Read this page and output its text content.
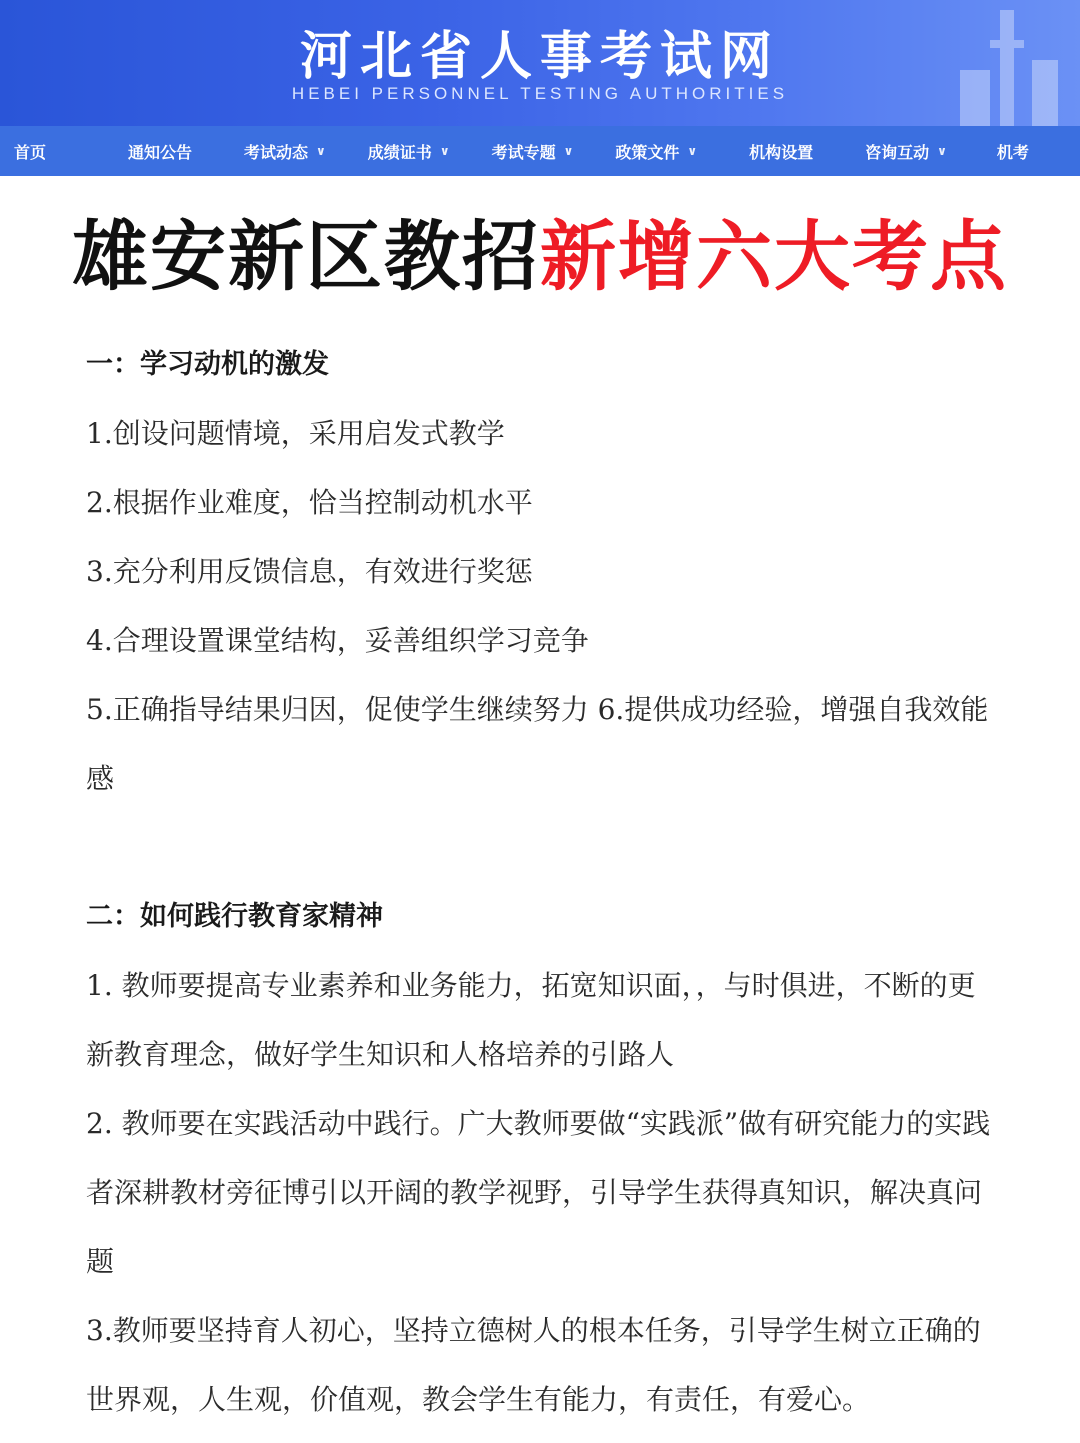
河北省人事考试网
HEBEI PERSONNEL TESTING AUTHORITIES
首页	通知公告	考试动态 ∨	成绩证书 ∨	考试专题 ∨	政策文件 ∨	机构设置	咨询互动 ∨	机考
雄安新区教招 新增六大考点
一：学习动机的激发
1.创设问题情境，采用启发式教学
2.根据作业难度，恰当控制动机水平
3.充分利用反馈信息，有效进行奖惩
4.合理设置课堂结构，妥善组织学习竞争
5.正确指导结果归因，促使学生继续努力 6.提供成功经验，增强自我效能感
二：如何践行教育家精神
1. 教师要提高专业素养和业务能力，拓宽知识面，，与时俱进，不断的更新教育理念，做好学生知识和人格培养的引路人
2. 教师要在实践活动中践行。广大教师要做“实践派”做有研究能力的实践者深耕教材旁征博引以开阔的教学视野，引导学生获得真知识，解决真问题
3.教师要坚持育人初心，坚持立德树人的根本任务，引导学生树立正确的世界观，人生观，价值观，教会学生有能力，有责任，有爱心。
